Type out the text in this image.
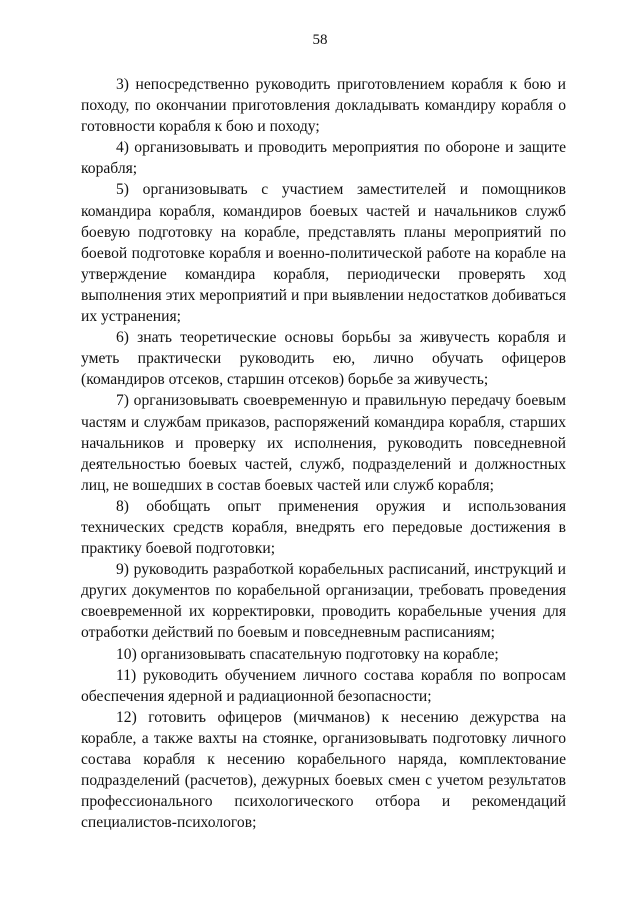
58

3) непосредственно руководить приготовлением корабля к бою и походу, по окончании приготовления докладывать командиру корабля о готовности корабля к бою и походу;

4) организовывать и проводить мероприятия по обороне и защите корабля;

5) организовывать с участием заместителей и помощников командира корабля, командиров боевых частей и начальников служб боевую подготовку на корабле, представлять планы мероприятий по боевой подготовке корабля и военно-политической работе на корабле на утверждение командира корабля, периодически проверять ход выполнения этих мероприятий и при выявлении недостатков добиваться их устранения;

6) знать теоретические основы борьбы за живучесть корабля и уметь практически руководить ею, лично обучать офицеров (командиров отсеков, старшин отсеков) борьбе за живучесть;

7) организовывать своевременную и правильную передачу боевым частям и службам приказов, распоряжений командира корабля, старших начальников и проверку их исполнения, руководить повседневной деятельностью боевых частей, служб, подразделений и должностных лиц, не вошедших в состав боевых частей или служб корабля;

8) обобщать опыт применения оружия и использования технических средств корабля, внедрять его передовые достижения в практику боевой подготовки;

9) руководить разработкой корабельных расписаний, инструкций и других документов по корабельной организации, требовать проведения своевременной их корректировки, проводить корабельные учения для отработки действий по боевым и повседневным расписаниям;

10) организовывать спасательную подготовку на корабле;

11) руководить обучением личного состава корабля по вопросам обеспечения ядерной и радиационной безопасности;

12) готовить офицеров (мичманов) к несению дежурства на корабле, а также вахты на стоянке, организовывать подготовку личного состава корабля к несению корабельного наряда, комплектование подразделений (расчетов), дежурных боевых смен с учетом результатов профессионального психологического отбора и рекомендаций специалистов-психологов;
